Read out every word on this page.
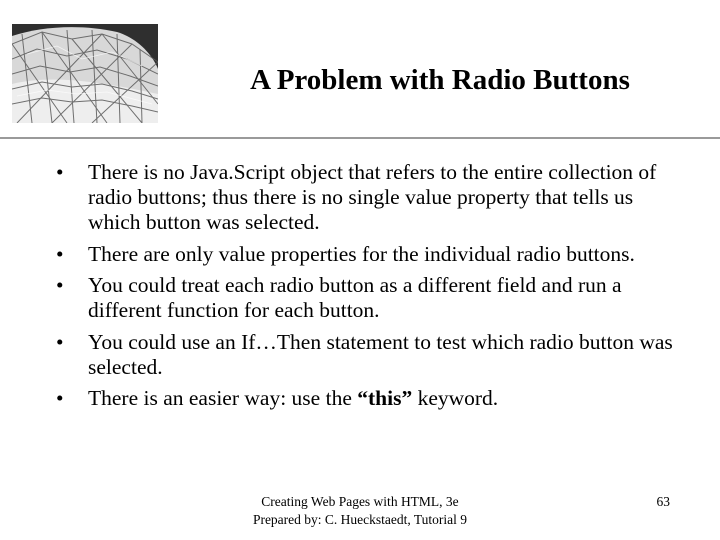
A Problem with Radio Buttons
• There is no Java.Script object that refers to the entire collection of radio buttons; thus there is no single value property that tells us which button was selected.
• There are only value properties for the individual radio buttons.
• You could treat each radio button as a different field and run a different function for each button.
• You could use an If…Then statement to test which radio button was selected.
• There is an easier way: use the “this” keyword.
Creating Web Pages with HTML, 3e
Prepared by: C. Hueckstaedt, Tutorial 9
63
